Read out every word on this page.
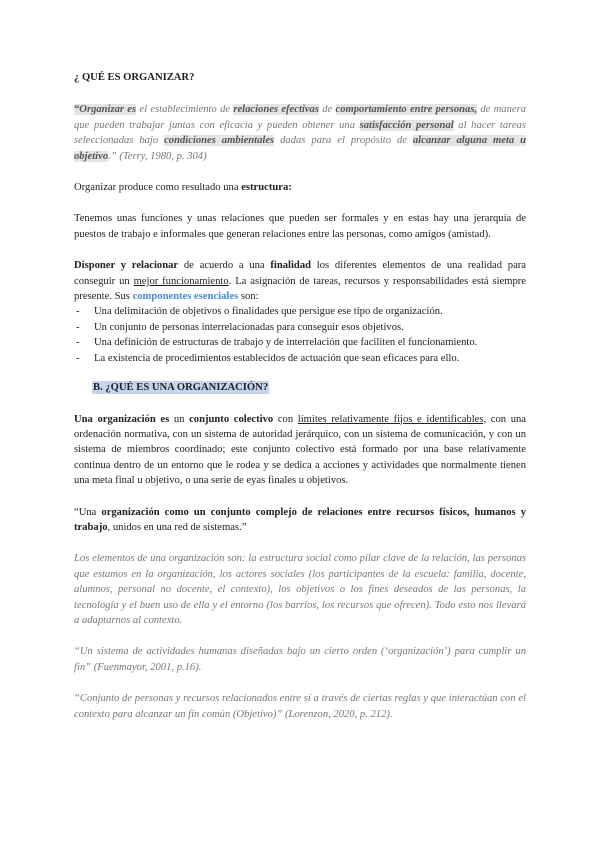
¿ QUÉ ES ORGANIZAR?

“Organizar es el establecimiento de relaciones efectivas de comportamiento entre personas, de manera que pueden trabajar juntas con eficacia y pueden obtener una satisfacción personal al hacer tareas seleccionadas bajo condiciones ambientales dadas para el propósito de alcanzar alguna meta u objetivo.” (Terry, 1980, p. 304)

Organizar produce como resultado una estructura:

Tenemos unas funciones y unas relaciones que pueden ser formales y en estas hay una jerarquía de puestos de trabajo e informales que generan relaciones entre las personas, como amigos (amistad).

Disponer y relacionar de acuerdo a una finalidad los diferentes elementos de una realidad para conseguir un mejor funcionamiento. La asignación de tareas, recursos y responsabilidades está siempre presente. Sus componentes esenciales son:

- Una delimitación de objetivos o finalidades que persigue ese tipo de organización.
- Un conjunto de personas interrelacionadas para conseguir esos objetivos.
- Una definición de estructuras de trabajo y de interrelación que faciliten el funcionamiento.
- La existencia de procedimientos establecidos de actuación que sean eficaces para ello.

B. ¿QUÉ ES UNA ORGANIZACIÓN?

Una organización es un conjunto colectivo con límites relativamente fijos e identificables, con una ordenación normativa, con un sistema de autoridad jerárquico, con un sistema de comunicación, y con un sistema de miembros coordinado; este conjunto colectivo está formado por una base relativamente continua dentro de un entorno que le rodea y se dedica a acciones y actividades que normalmente tienen una meta final u objetivo, o una serie de eyas finales u objetivos.

“Una organización como un conjunto complejo de relaciones entre recursos físicos, humanos y trabajo, unidos en una red de sistemas.”

Los elementos de una organización son: la estructura social como pilar clave de la relación, las personas que estamos en la organización, los actores sociales (los participantes de la escuela: familia, docente, alumnos, personal no docente, el contexto), los objetivos o los fines deseados de las personas, la tecnología y el buen uso de ella y el entorno (los barrios, los recursos que ofrecen). Todo esto nos llevará a adaptarnos al contexto.

“Un sistema de actividades humanas diseñadas bajo un cierto orden (‘organización’) para cumplir un fin” (Fuenmayor, 2001, p.16).

“Conjunto de personas y recursos relacionados entre sí a través de ciertas reglas y que interactúan con el contexto para alcanzar un fin común (Objetivo)” (Lorenzon, 2020, p. 212).
